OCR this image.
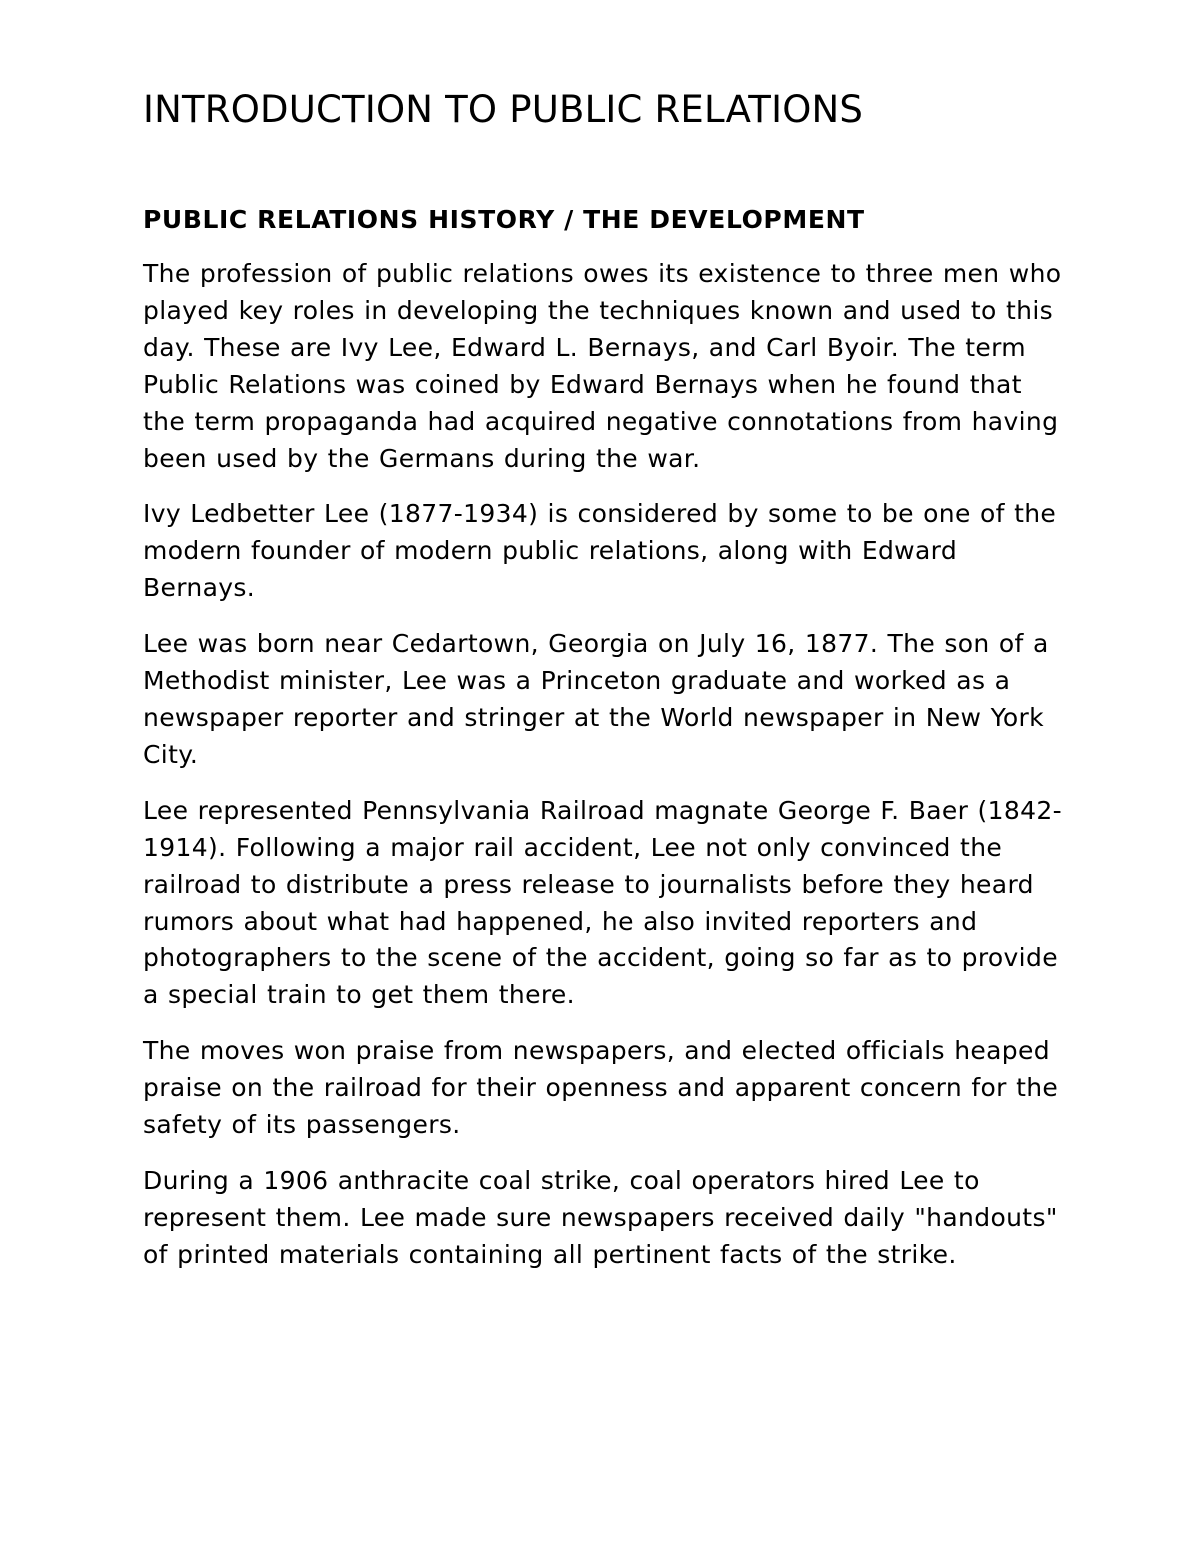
INTRODUCTION TO PUBLIC RELATIONS
PUBLIC RELATIONS HISTORY / THE DEVELOPMENT

The profession of public relations owes its existence to three men who played key roles in developing the techniques known and used to this day. These are Ivy Lee, Edward L. Bernays, and Carl Byoir. The term Public Relations was coined by Edward Bernays when he found that the term propaganda had acquired negative connotations from having been used by the Germans during the war.

Ivy Ledbetter Lee (1877-1934) is considered by some to be one of the modern founder of modern public relations, along with Edward Bernays.

Lee was born near Cedartown, Georgia on July 16, 1877. The son of a Methodist minister, Lee was a Princeton graduate and worked as a newspaper reporter and stringer at the World newspaper in New York City.

Lee represented Pennsylvania Railroad magnate George F. Baer (1842-1914). Following a major rail accident, Lee not only convinced the railroad to distribute a press release to journalists before they heard rumors about what had happened, he also invited reporters and photographers to the scene of the accident, going so far as to provide a special train to get them there.

The moves won praise from newspapers, and elected officials heaped praise on the railroad for their openness and apparent concern for the safety of its passengers.

During a 1906 anthracite coal strike, coal operators hired Lee to represent them. Lee made sure newspapers received daily "handouts" of printed materials containing all pertinent facts of the strike.
